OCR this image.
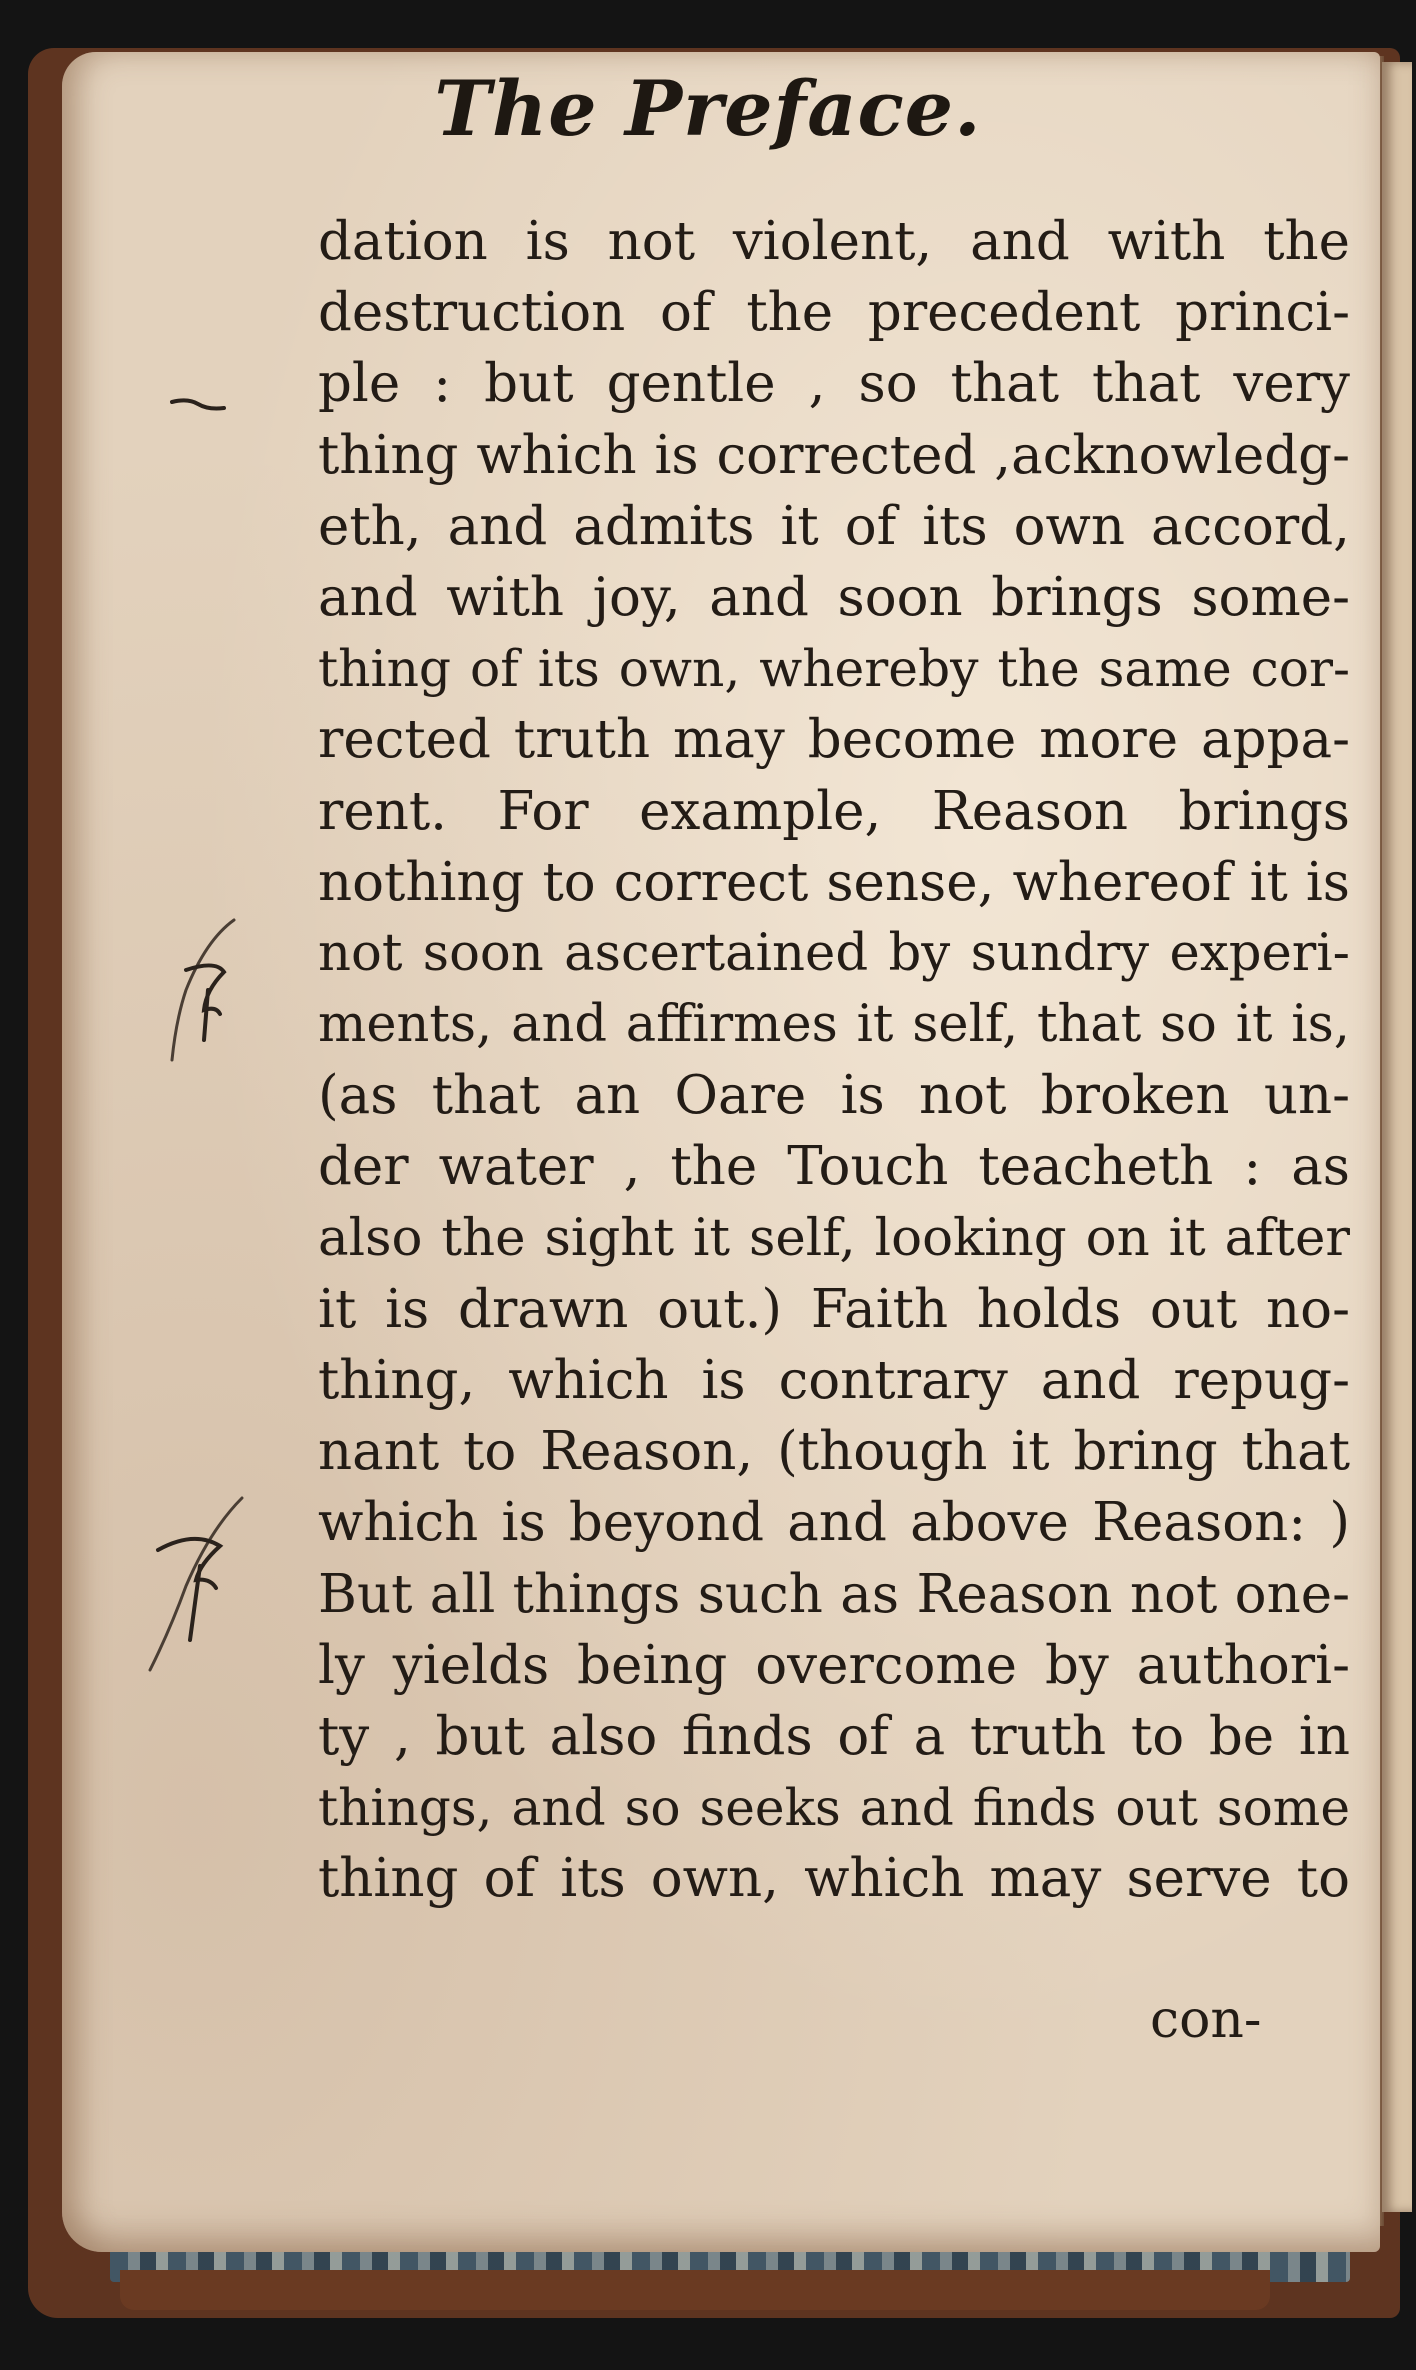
The Preface.
dation is not violent, and with the
destruction of the precedent princi-
ple : but gentle , so that that very
thing which is corrected ,acknowledg-
eth, and admits it of its own accord,
and with joy, and soon brings some-
thing of its own, whereby the same cor-
rected truth may become more appa-
rent. For example, Reason brings
nothing to correct sense, whereof it is
not soon ascertained by sundry experi-
ments, and affirmes it self, that so it is,
(as that an Oare is not broken un-
der water , the Touch teacheth : as
also the sight it self, looking on it after
it is drawn out.) Faith holds out no-
thing, which is contrary and repug-
nant to Reason, (though it bring that
which is beyond and above Reason: )
But all things such as Reason not one-
ly yields being overcome by authori-
ty , but also finds of a truth to be in
things, and so seeks and finds out some
thing of its own, which may serve to
con-
